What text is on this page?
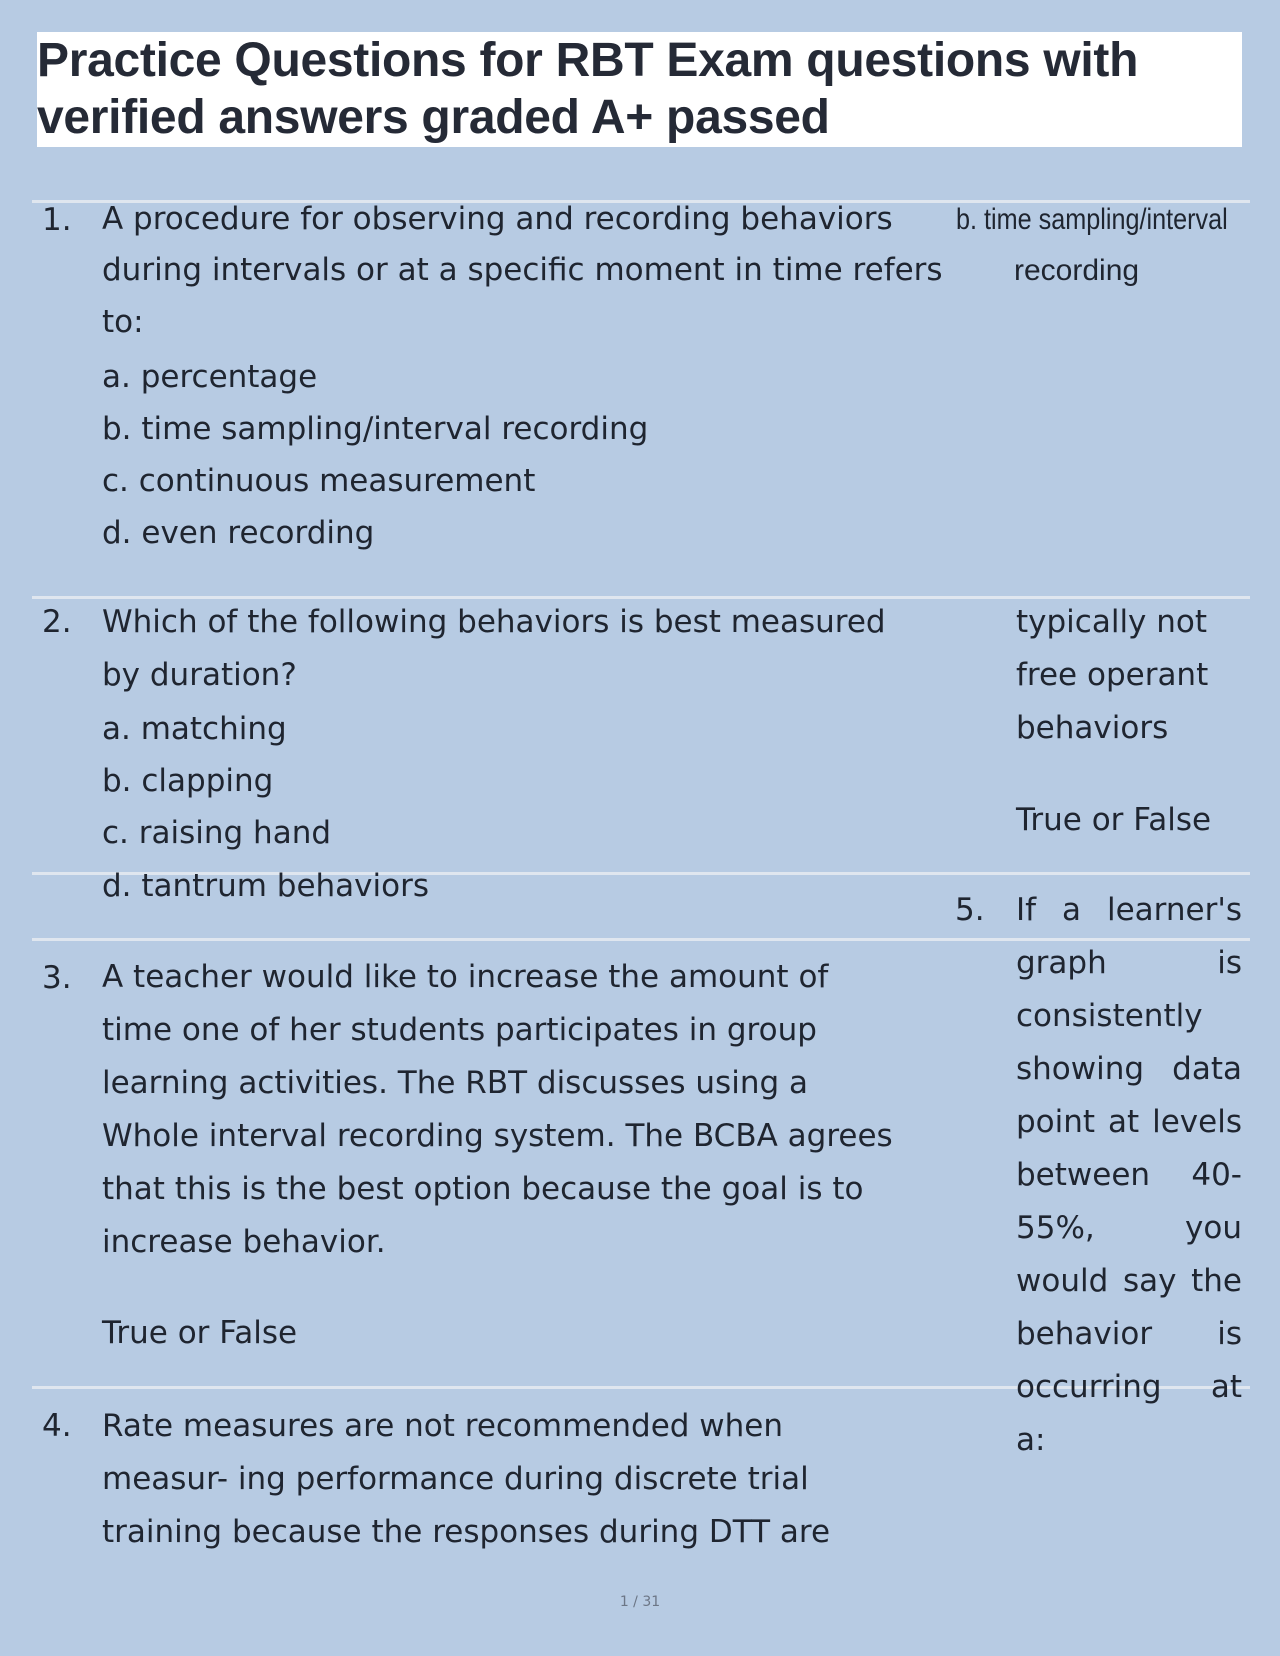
Practice Questions for RBT Exam questions with verified answers graded A+ passed
1. A procedure for observing and recording behaviors
during intervals or at a specific moment in time refers
to:
a. percentage
b. time sampling/interval recording
c. continuous measurement
d. even recording
b. time sampling/interval
recording
2. Which of the following behaviors is best measured
by duration?
a. matching
b. clapping
c. raising hand
d. tantrum behaviors
typically not
free operant
behaviors
True or False
3. A teacher would like to increase the amount of
time one of her students participates in group
learning activities. The RBT discusses using a
Whole interval recording system. The BCBA agrees
that this is the best option because the goal is to
increase behavior.
True or False
4. Rate measures are not recommended when
measur- ing performance during discrete trial
training because the responses during DTT are
5. If a learner's
graph is
consistently
showing data
point at levels
between 40-
55%, you
would say the
behavior is
occurring at
a:
1 / 31
